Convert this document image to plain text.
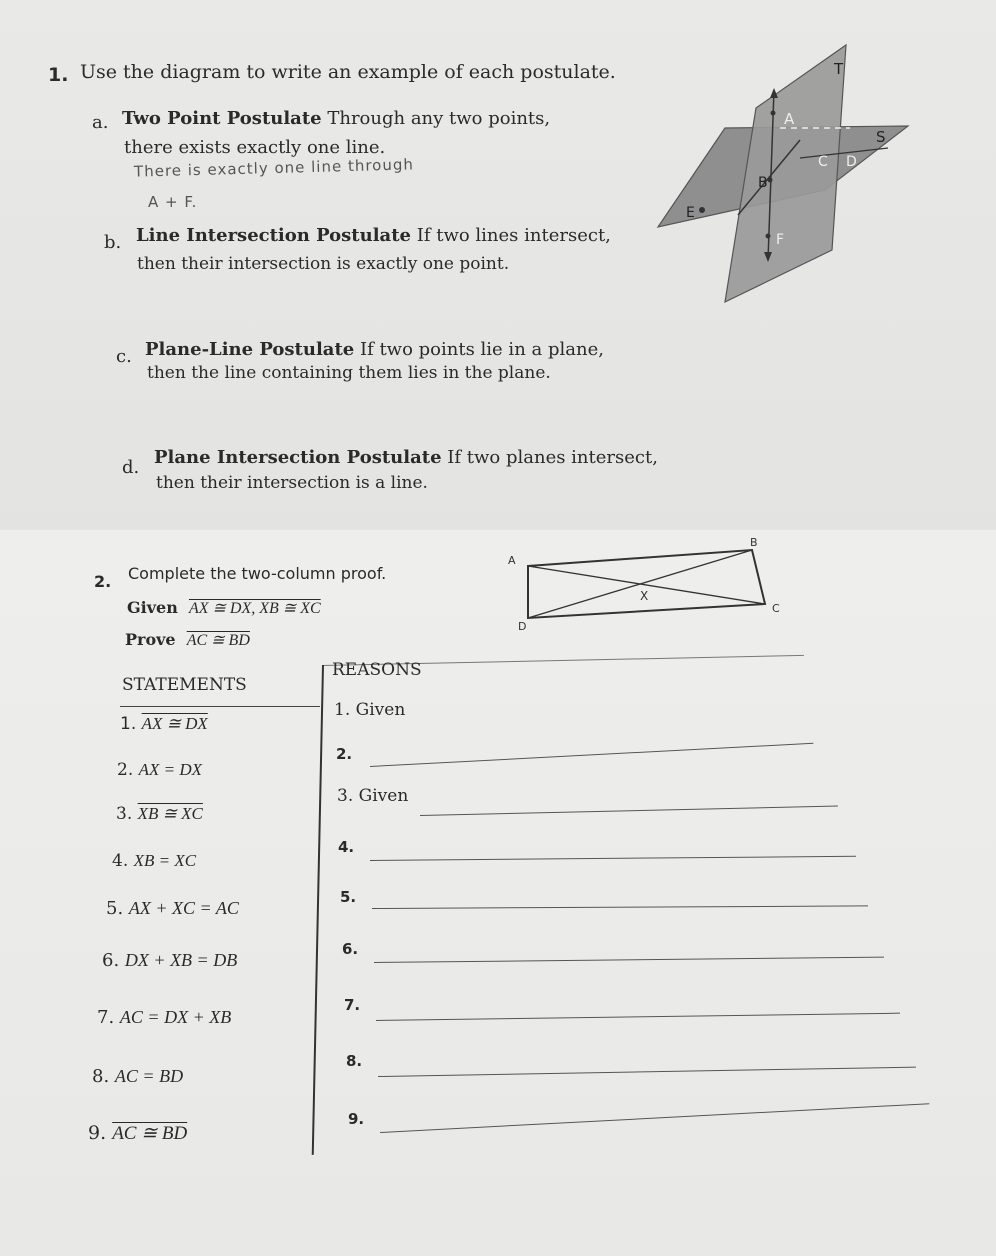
1. Use the diagram to write an example of each postulate.
a. Two Point Postulate Through any two points,
there exists exactly one line.
There is exactly one line through
A + F.
b. Line Intersection Postulate If two lines intersect,
then their intersection is exactly one point.
c. Plane-Line Postulate If two points lie in a plane,
then the line containing them lies in the plane.
d. Plane Intersection Postulate If two planes intersect,
then their intersection is a line.
T
S
A
B
C D
E
F
2. Complete the two-column proof.
Given AX ≅ DX, XB ≅ XC
Prove AC ≅ BD
A
B
C
D
X
STATEMENTS
REASONS
1. AX ≅ DX
2. AX = DX
3. XB ≅ XC
4. XB = XC
5. AX + XC = AC
6. DX + XB = DB
7. AC = DX + XB
8. AC = BD
9. AC ≅ BD
1. Given
2.
3. Given
4.
5.
6.
7.
8.
9.
